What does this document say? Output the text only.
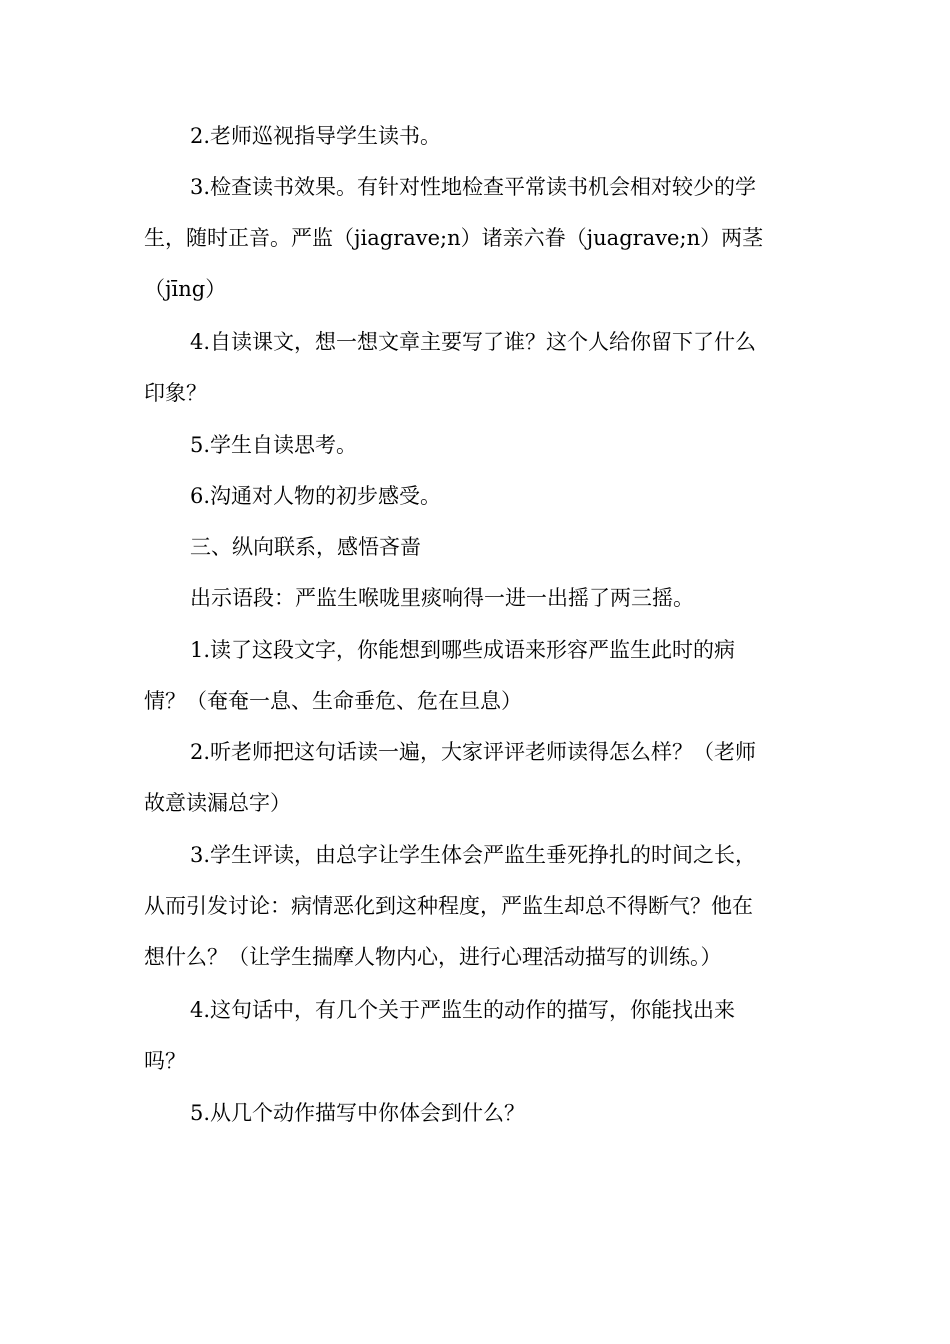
2.老师巡视指导学生读书。
3.检查读书效果。有针对性地检查平常读书机会相对较少的学
生，随时正音。严监（jiagrave;n）诸亲六眷（juagrave;n）两茎
（jīng）
4.自读课文，想一想文章主要写了谁？这个人给你留下了什么
印象？
5.学生自读思考。
6.沟通对人物的初步感受。
三、纵向联系，感悟吝啬
出示语段：严监生喉咙里痰响得一进一出摇了两三摇。
1.读了这段文字，你能想到哪些成语来形容严监生此时的病
情？（奄奄一息、生命垂危、危在旦息）
2.听老师把这句话读一遍，大家评评老师读得怎么样？（老师
故意读漏总字）
3.学生评读，由总字让学生体会严监生垂死挣扎的时间之长，
从而引发讨论：病情恶化到这种程度，严监生却总不得断气？他在
想什么？（让学生揣摩人物内心，进行心理活动描写的训练。）
4.这句话中，有几个关于严监生的动作的描写，你能找出来
吗？
5.从几个动作描写中你体会到什么？
